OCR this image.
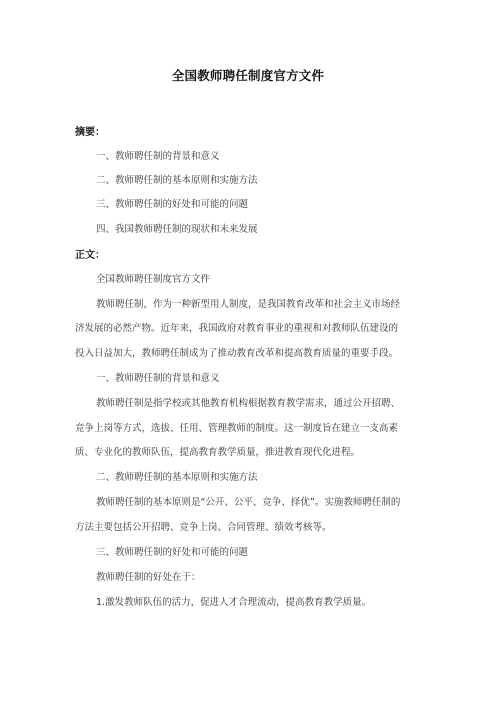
全国教师聘任制度官方文件
摘要：
一、教师聘任制的背景和意义
二、教师聘任制的基本原则和实施方法
三、教师聘任制的好处和可能的问题
四、我国教师聘任制的现状和未来发展
正文：
全国教师聘任制度官方文件
教师聘任制，作为一种新型用人制度，是我国教育改革和社会主义市场经
济发展的必然产物。近年来，我国政府对教育事业的重视和对教师队伍建设的
投入日益加大，教师聘任制成为了推动教育改革和提高教育质量的重要手段。
一、教师聘任制的背景和意义
教师聘任制是指学校或其他教育机构根据教育教学需求，通过公开招聘、
竞争上岗等方式，选拔、任用、管理教师的制度。这一制度旨在建立一支高素
质、专业化的教师队伍，提高教育教学质量，推进教育现代化进程。
二、教师聘任制的基本原则和实施方法
教师聘任制的基本原则是“公开、公平、竞争、择优”。实施教师聘任制的
方法主要包括公开招聘、竞争上岗、合同管理、绩效考核等。
三、教师聘任制的好处和可能的问题
教师聘任制的好处在于：
1.激发教师队伍的活力，促进人才合理流动，提高教育教学质量。
